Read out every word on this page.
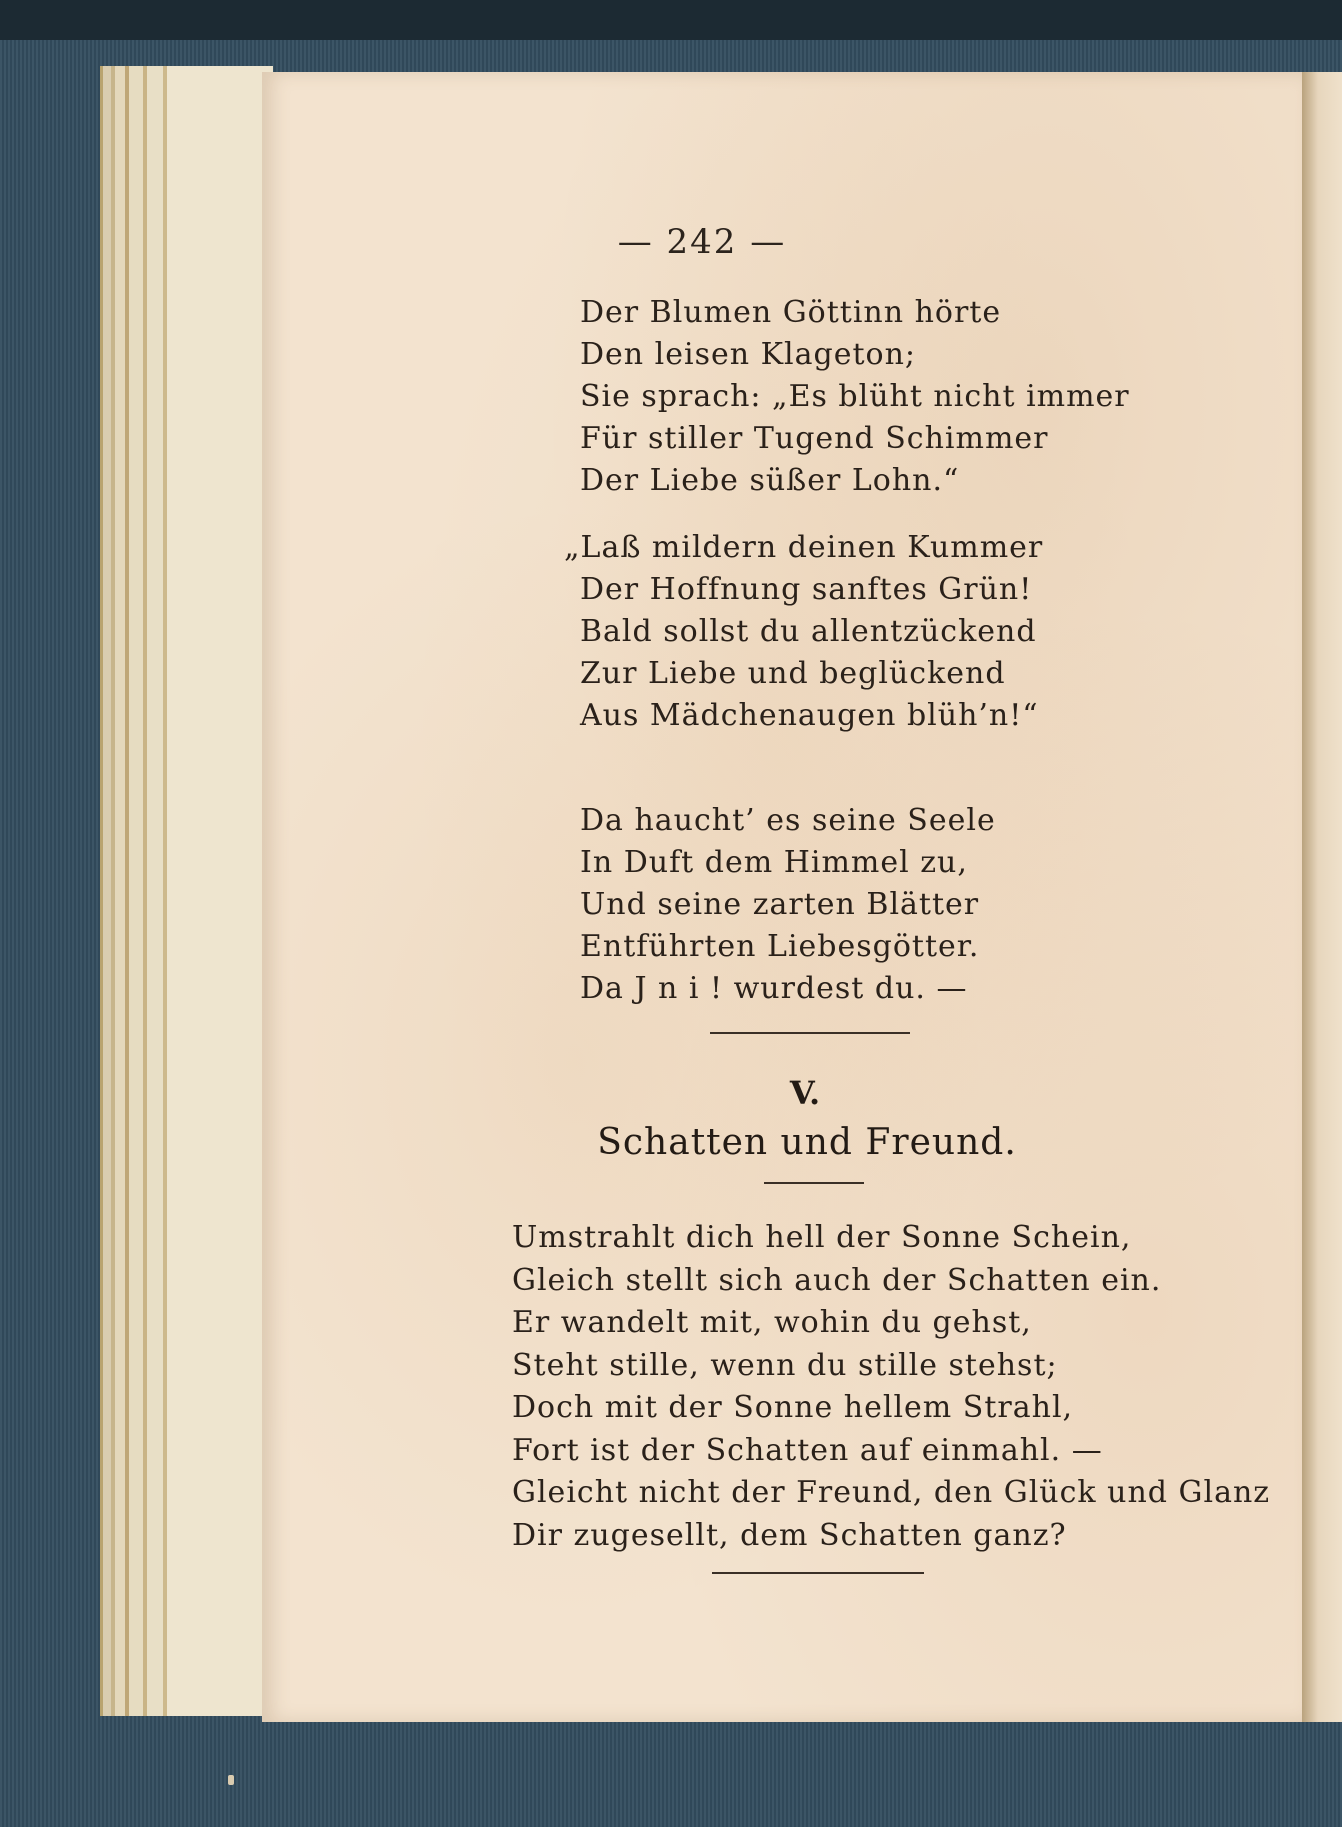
— 242 —
Der Blumen Göttinn hörte
Den leisen Klageton;
Sie sprach: „Es blüht nicht immer
Für stiller Tugend Schimmer
Der Liebe süßer Lohn.“
„Laß mildern deinen Kummer
Der Hoffnung sanftes Grün!
Bald sollst du allentzückend
Zur Liebe und beglückend
Aus Mädchenaugen blüh’n!“
Da haucht’ es seine Seele
In Duft dem Himmel zu,
Und seine zarten Blätter
Entführten Liebesgötter.
Da J n i ! wurdest du. —
V.
Schatten und Freund.
Umstrahlt dich hell der Sonne Schein,
Gleich stellt sich auch der Schatten ein.
Er wandelt mit, wohin du gehst,
Steht stille, wenn du stille stehst;
Doch mit der Sonne hellem Strahl,
Fort ist der Schatten auf einmahl. —
Gleicht nicht der Freund, den Glück und Glanz
Dir zugesellt, dem Schatten ganz?
